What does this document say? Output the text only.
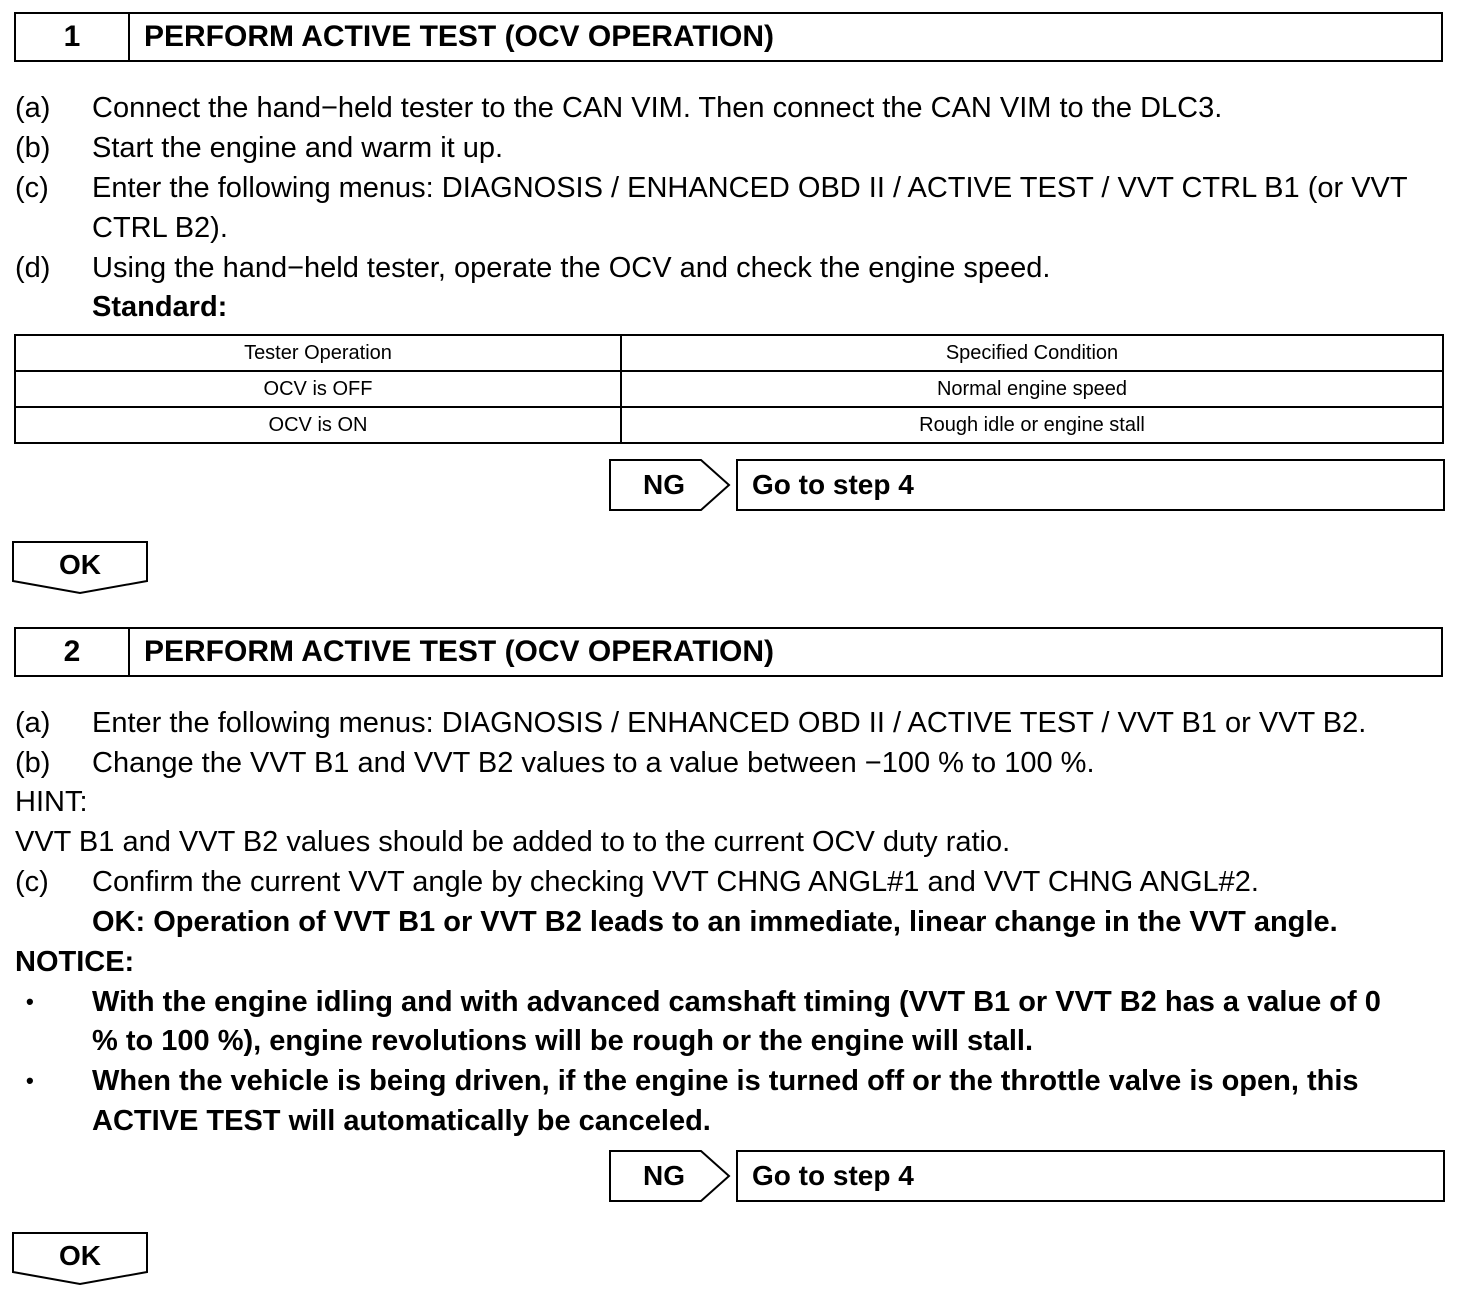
1	PERFORM ACTIVE TEST (OCV OPERATION)
(a) Connect the hand−held tester to the CAN VIM. Then connect the CAN VIM to the DLC3.
(b) Start the engine and warm it up.
(c) Enter the following menus: DIAGNOSIS / ENHANCED OBD II / ACTIVE TEST / VVT CTRL B1 (or VVT
CTRL B2).
(d) Using the hand−held tester, operate the OCV and check the engine speed.
Standard:
Tester Operation	Specified Condition
OCV is OFF	Normal engine speed
OCV is ON	Rough idle or engine stall
NG	Go to step 4
OK
2	PERFORM ACTIVE TEST (OCV OPERATION)
(a) Enter the following menus: DIAGNOSIS / ENHANCED OBD II / ACTIVE TEST / VVT B1 or VVT B2.
(b) Change the VVT B1 and VVT B2 values to a value between −100 % to 100 %.
HINT:
VVT B1 and VVT B2 values should be added to to the current OCV duty ratio.
(c) Confirm the current VVT angle by checking VVT CHNG ANGL#1 and VVT CHNG ANGL#2.
OK: Operation of VVT B1 or VVT B2 leads to an immediate, linear change in the VVT angle.
NOTICE:
• With the engine idling and with advanced camshaft timing (VVT B1 or VVT B2 has a value of 0
% to 100 %), engine revolutions will be rough or the engine will stall.
• When the vehicle is being driven, if the engine is turned off or the throttle valve is open, this
ACTIVE TEST will automatically be canceled.
NG	Go to step 4
OK
